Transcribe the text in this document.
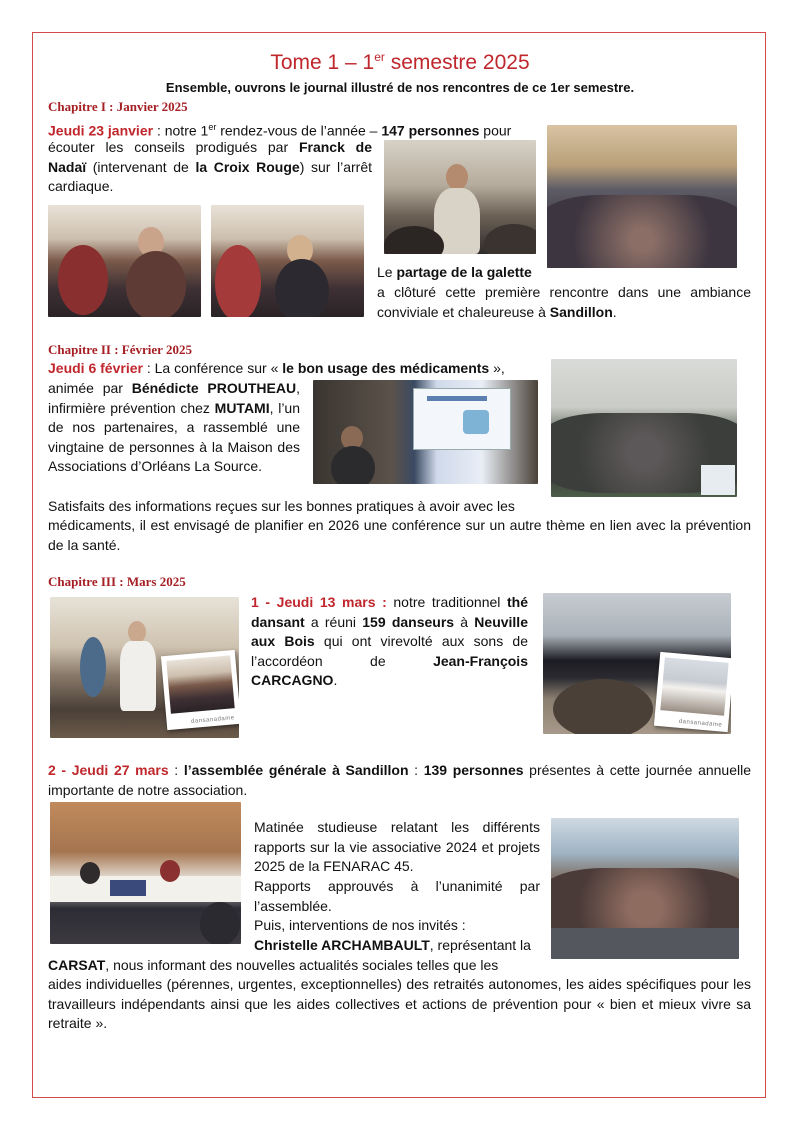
Tome 1 – 1er semestre 2025
Ensemble, ouvrons le journal illustré de nos rencontres de ce 1er semestre.
Chapitre I : Janvier 2025
Jeudi 23 janvier : notre 1er rendez-vous de l’année – 147 personnes pour
écouter les conseils prodigués par Franck de Nadaï (intervenant de la Croix Rouge) sur l’arrêt cardiaque.
Le partage de la galette
a clôturé cette première rencontre dans une ambiance conviviale et chaleureuse à Sandillon.
Chapitre II : Février 2025
Jeudi 6 février : La conférence sur « le bon usage des médicaments »,
animée par Bénédicte PROUTHEAU, infirmière prévention chez MUTAMI, l’un de nos partenaires, a rassemblé une vingtaine de personnes à la Maison des Associations d’Orléans La Source.
Satisfaits des informations reçues sur les bonnes pratiques à avoir avec les
médicaments, il est envisagé de planifier en 2026 une conférence sur un autre thème en lien avec la prévention de la santé.
Chapitre III : Mars 2025
dansanadame
1 - Jeudi 13 mars : notre traditionnel thé dansant a réuni 159 danseurs à Neuville aux Bois qui ont virevolté aux sons de l’accordéon de Jean-François CARCAGNO.
dansanadame
2 - Jeudi 27 mars : l’assemblée générale à Sandillon : 139 personnes présentes à cette journée annuelle importante de notre association.
Matinée studieuse relatant les différents rapports sur la vie associative 2024 et projets 2025 de la FENARAC 45.
Rapports approuvés à l’unanimité par l’assemblée.
Puis, interventions de nos invités :
Christelle ARCHAMBAULT, représentant la
CARSAT, nous informant des nouvelles actualités sociales telles que les
aides individuelles (pérennes, urgentes, exceptionnelles) des retraités autonomes, les aides spécifiques pour les travailleurs indépendants ainsi que les aides collectives et actions de prévention pour « bien et mieux vivre sa retraite ».
